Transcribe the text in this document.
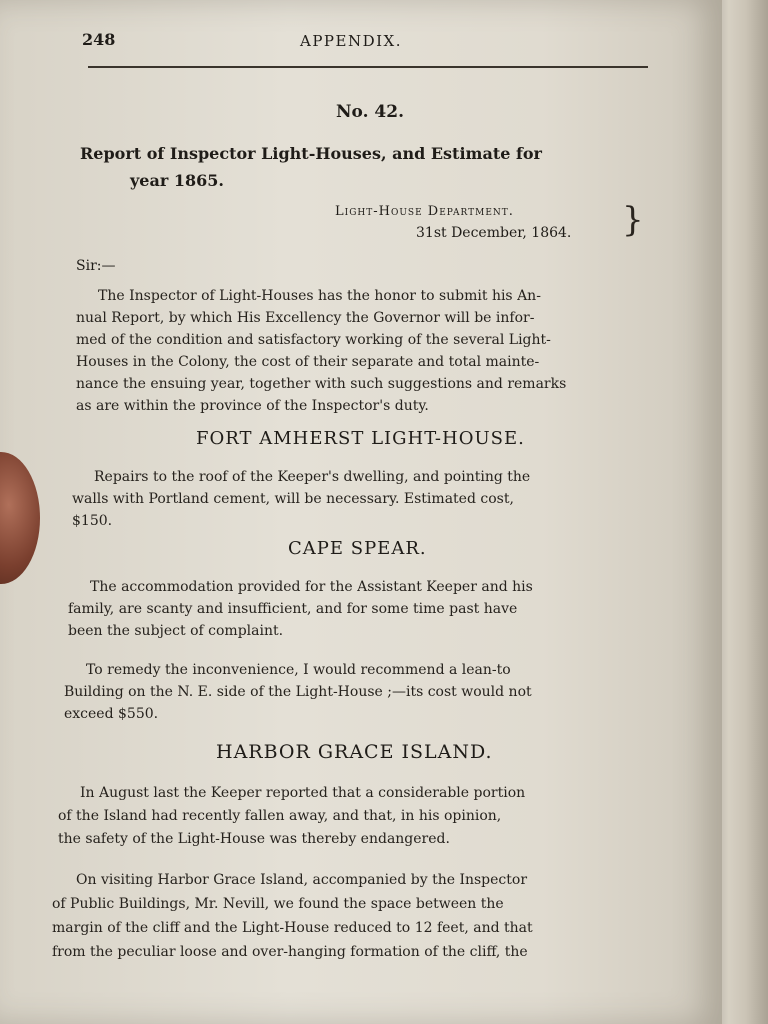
248	APPENDIX.
No. 42.
Report of Inspector Light-Houses, and Estimate for
year 1865.
Light-House Department.
31st December, 1864. }
Sir:—
The Inspector of Light-Houses has the honor to submit his An-
nual Report, by which His Excellency the Governor will be infor-
med of the condition and satisfactory working of the several Light-
Houses in the Colony, the cost of their separate and total mainte-
nance the ensuing year, together with such suggestions and remarks
as are within the province of the Inspector's duty.
FORT AMHERST LIGHT-HOUSE.
Repairs to the roof of the Keeper's dwelling, and pointing the
walls with Portland cement, will be necessary. Estimated cost,
$150.
CAPE SPEAR.
The accommodation provided for the Assistant Keeper and his
family, are scanty and insufficient, and for some time past have
been the subject of complaint.
To remedy the inconvenience, I would recommend a lean-to
Building on the N. E. side of the Light-House ;—its cost would not
exceed $550.
HARBOR GRACE ISLAND.
In August last the Keeper reported that a considerable portion
of the Island had recently fallen away, and that, in his opinion,
the safety of the Light-House was thereby endangered.
On visiting Harbor Grace Island, accompanied by the Inspector
of Public Buildings, Mr. Nevill, we found the space between the
margin of the cliff and the Light-House reduced to 12 feet, and that
from the peculiar loose and over-hanging formation of the cliff, the
